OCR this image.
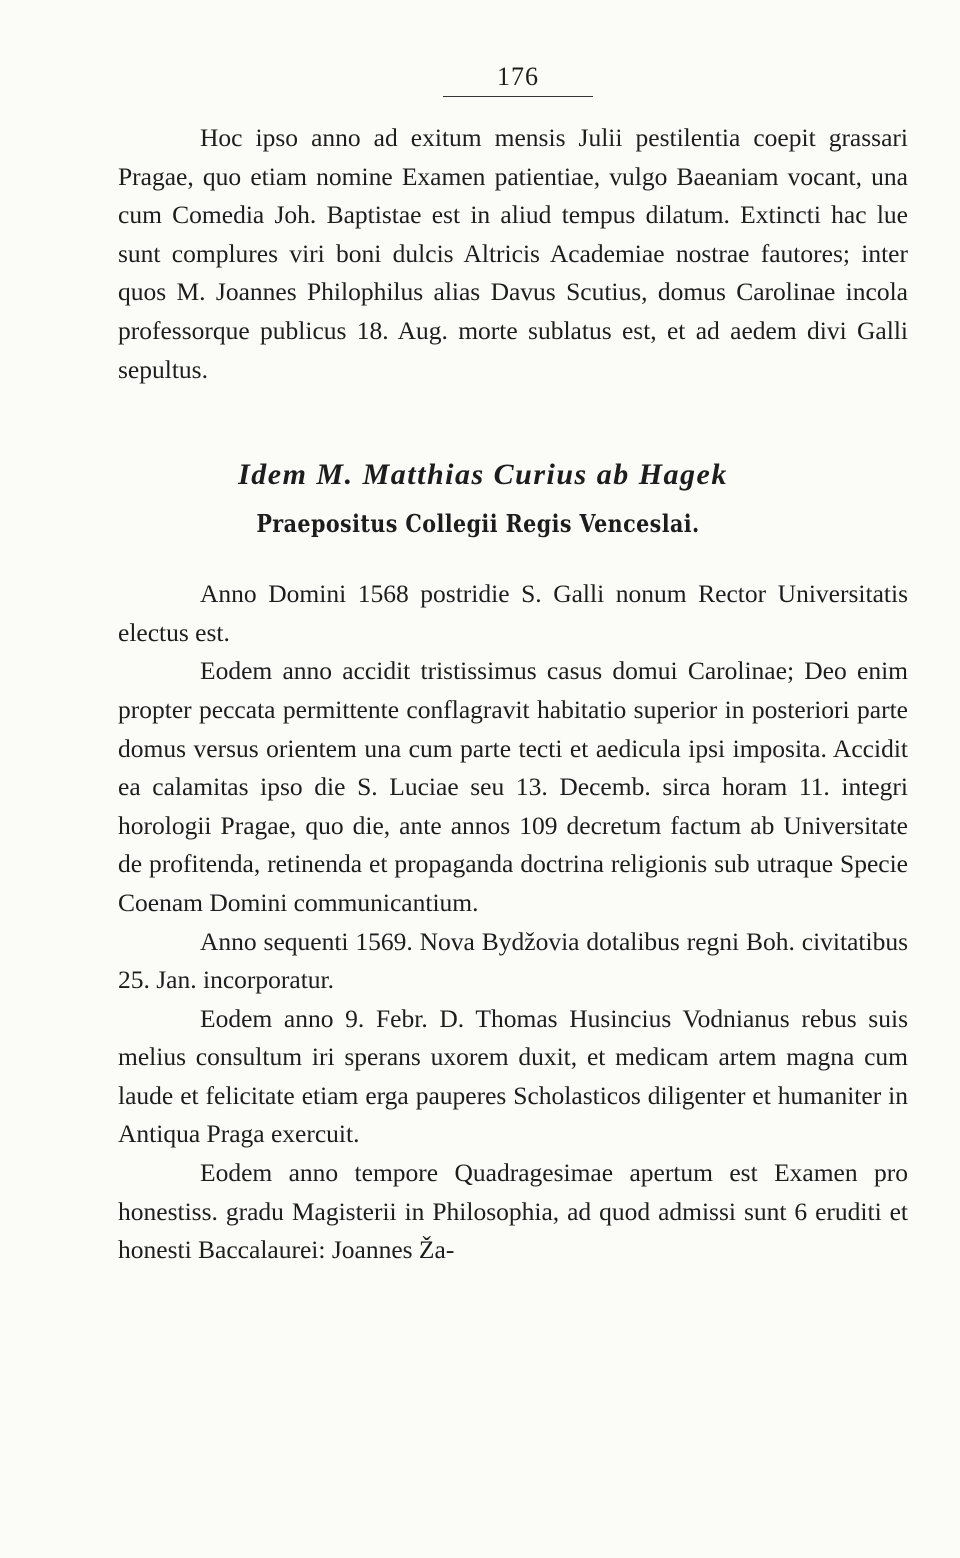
176

Hoc ipso anno ad exitum mensis Julii pestilentia coepit grassari Pragae, quo etiam nomine Examen patientiae, vulgo Baeaniam vocant, una cum Comedia Joh. Baptistae est in aliud tempus dilatum. Extincti hac lue sunt complures viri boni dulcis Altricis Academiae nostrae fautores; inter quos M. Joannes Philophilus alias Davus Scutius, domus Carolinae incola professorque publicus 18. Aug. morte sublatus est, et ad aedem divi Galli sepultus.

Idem M. Matthias Curius ab Hagek
Praepositus Collegii Regis Venceslai.

Anno Domini 1568 postridie S. Galli nonum Rector Universitatis electus est.

Eodem anno accidit tristissimus casus domui Carolinae; Deo enim propter peccata permittente conflagravit habitatio superior in posteriori parte domus versus orientem una cum parte tecti et aedicula ipsi imposita. Accidit ea calamitas ipso die S. Luciae seu 13. Decemb. sirca horam 11. integri horologii Pragae, quo die, ante annos 109 decretum factum ab Universitate de profitenda, retinenda et propaganda doctrina religionis sub utraque Specie Coenam Domini communicantium.

Anno sequenti 1569. Nova Bydžovia dotalibus regni Boh. civitatibus 25. Jan. incorporatur.

Eodem anno 9. Febr. D. Thomas Husincius Vodnianus rebus suis melius consultum iri sperans uxorem duxit, et medicam artem magna cum laude et felicitate etiam erga pauperes Scholasticos diligenter et humaniter in Antiqua Praga exercuit.

Eodem anno tempore Quadragesimae apertum est Examen pro honestiss. gradu Magisterii in Philosophia, ad quod admissi sunt 6 eruditi et honesti Baccalaurei: Joannes Ža-
